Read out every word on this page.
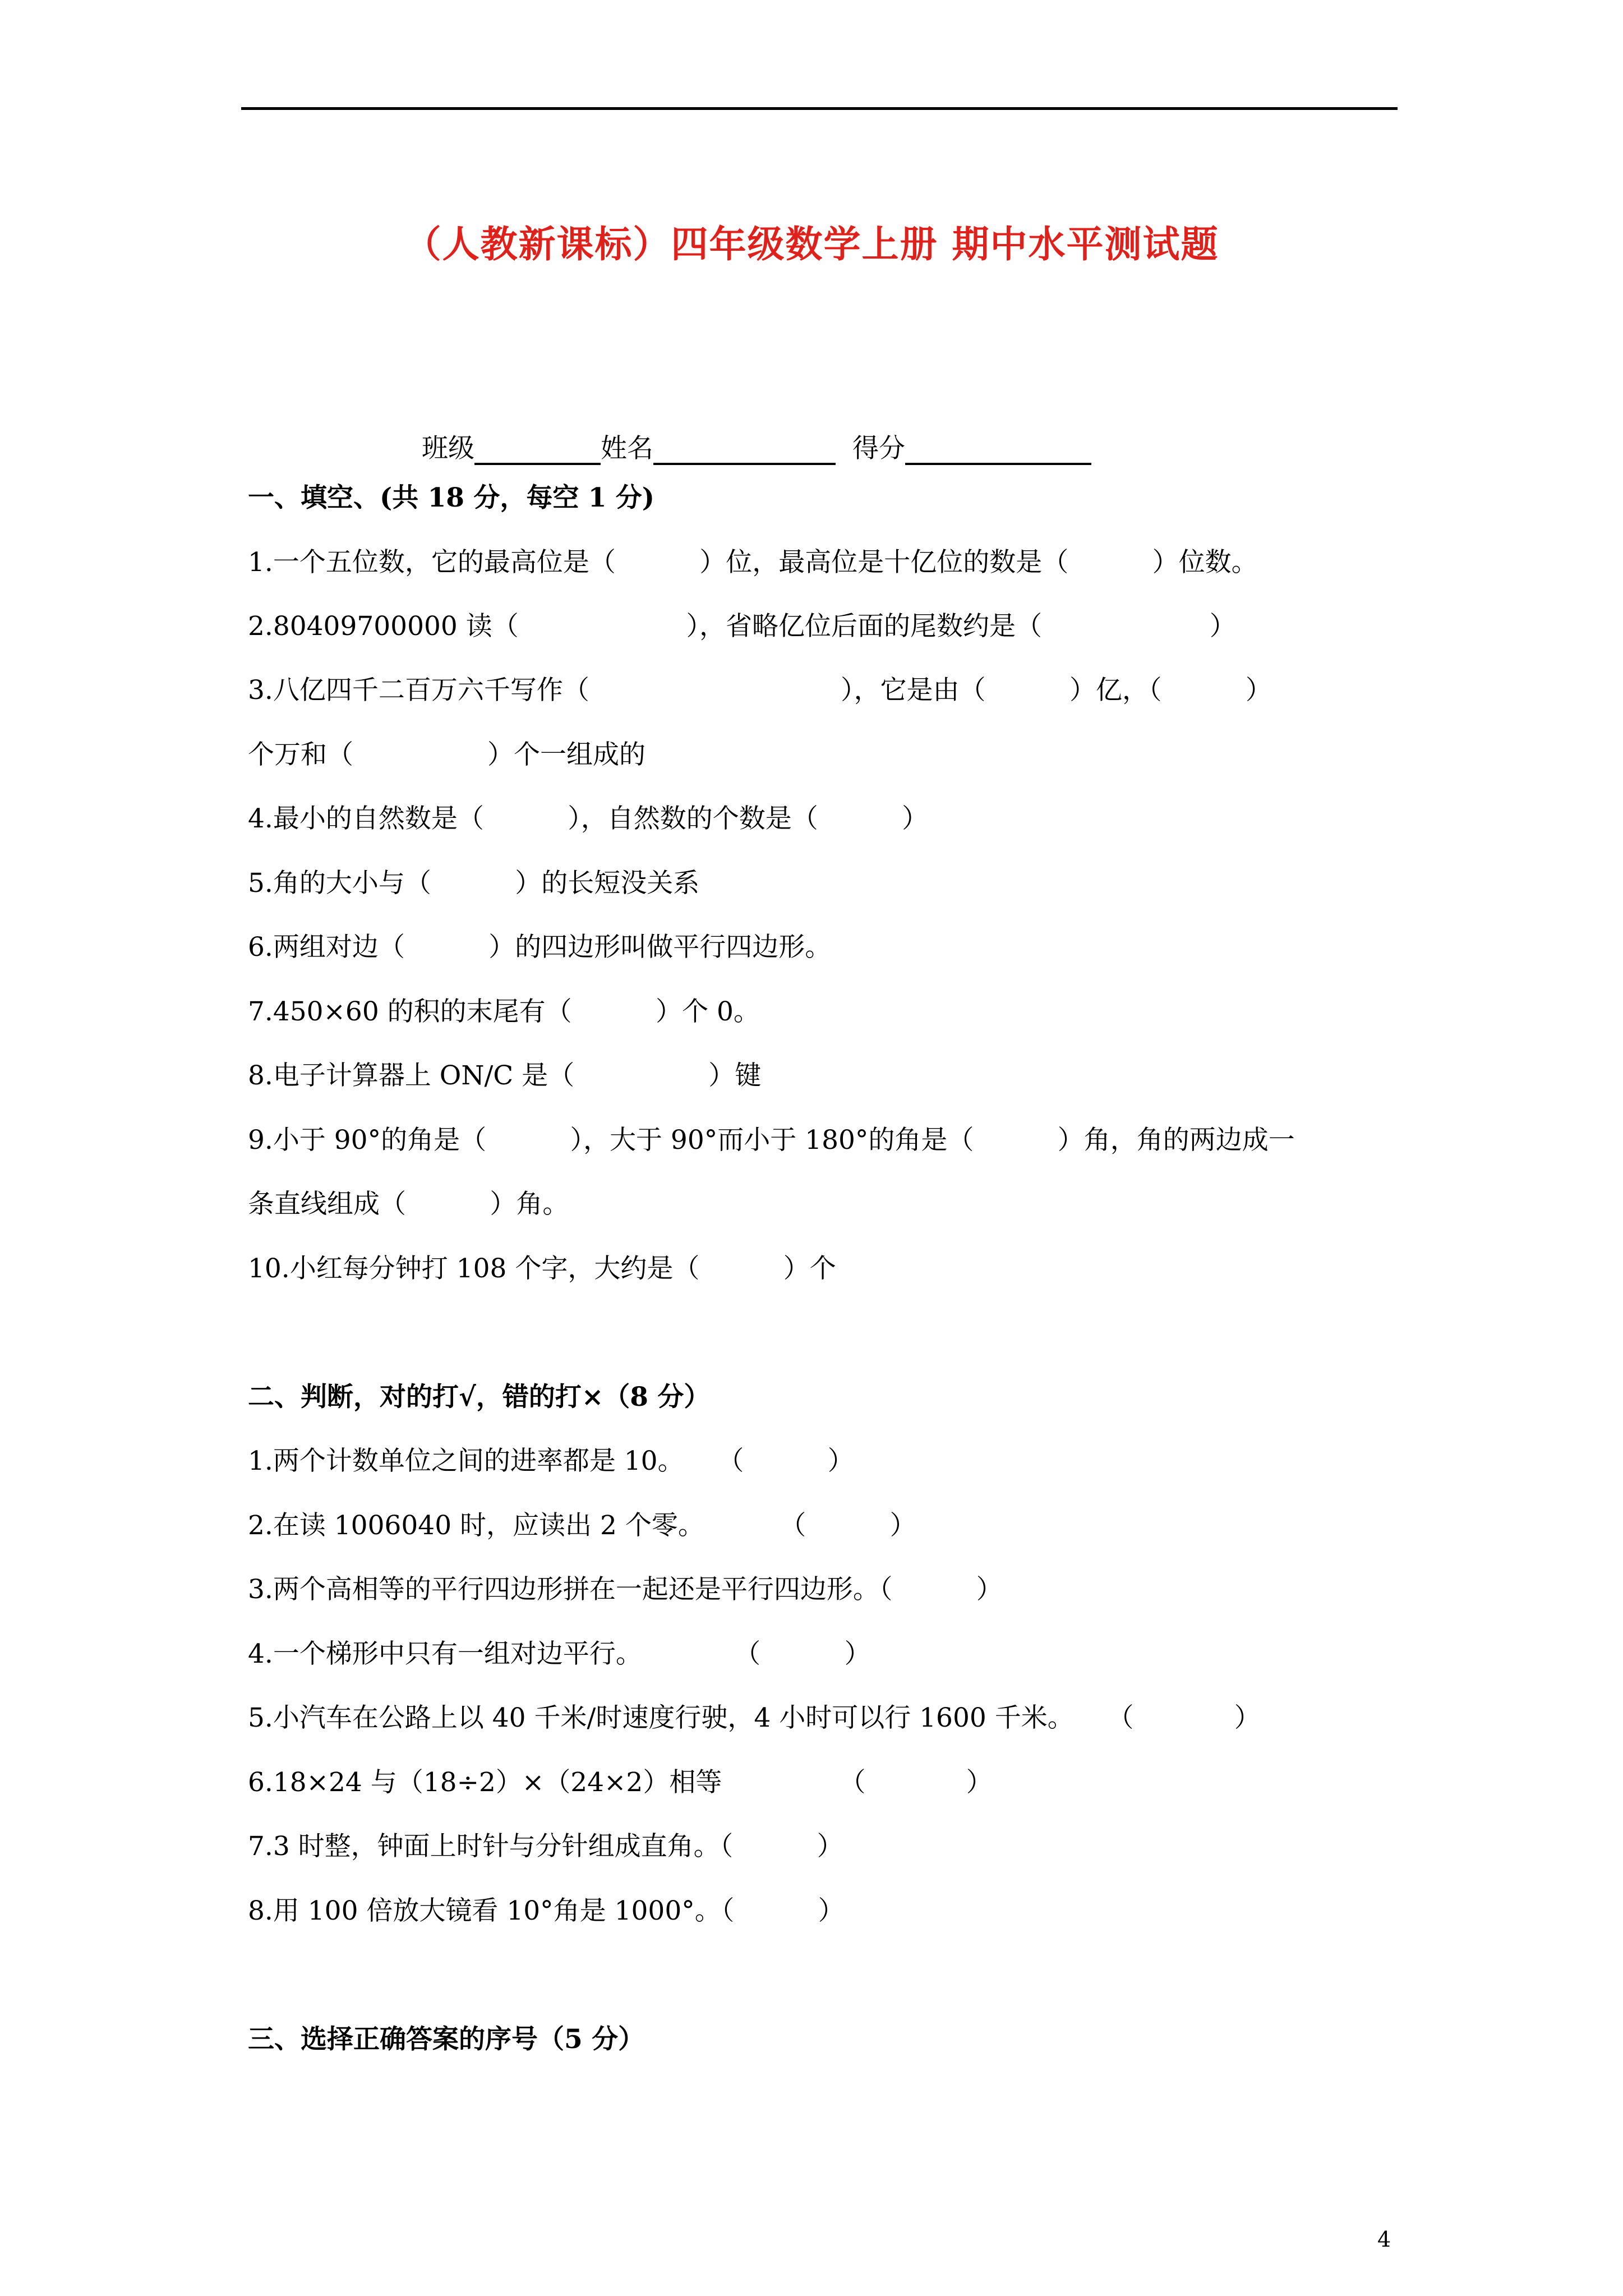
（人教新课标）四年级数学上册 期中水平测试题
班级	姓名	得分
一、填空、(共 18 分，每空 1 分)
1.一个五位数，它的最高位是（          ）位，最高位是十亿位的数是（          ）位数。
2.80409700000 读（                    ），省略亿位后面的尾数约是（                    ）
3.八亿四千二百万六千写作（                              ），它是由（          ）亿，（          ）
个万和（                ）个一组成的
4.最小的自然数是（          ），自然数的个数是（          ）
5.角的大小与（          ）的长短没关系
6.两组对边（          ）的四边形叫做平行四边形。
7.450×60 的积的末尾有（          ）个 0。
8.电子计算器上 ON/C 是（                ）键
9.小于 90°的角是（          ），大于 90°而小于 180°的角是（          ）角，角的两边成一
条直线组成（          ）角。
10.小红每分钟打 108 个字，大约是（          ）个
二、判断，对的打√，错的打×（8 分）
1.两个计数单位之间的进率都是 10。    （          ）
2.在读 1006040 时，应读出 2 个零。         （          ）
3.两个高相等的平行四边形拼在一起还是平行四边形。（          ）
4.一个梯形中只有一组对边平行。           （          ）
5.小汽车在公路上以 40 千米/时速度行驶，4 小时可以行 1600 千米。    （            ）
6.18×24 与（18÷2）×（24×2）相等              （            ）
7.3 时整，钟面上时针与分针组成直角。（          ）
8.用 100 倍放大镜看 10°角是 1000°。（          ）
三、选择正确答案的序号（5 分）
4
